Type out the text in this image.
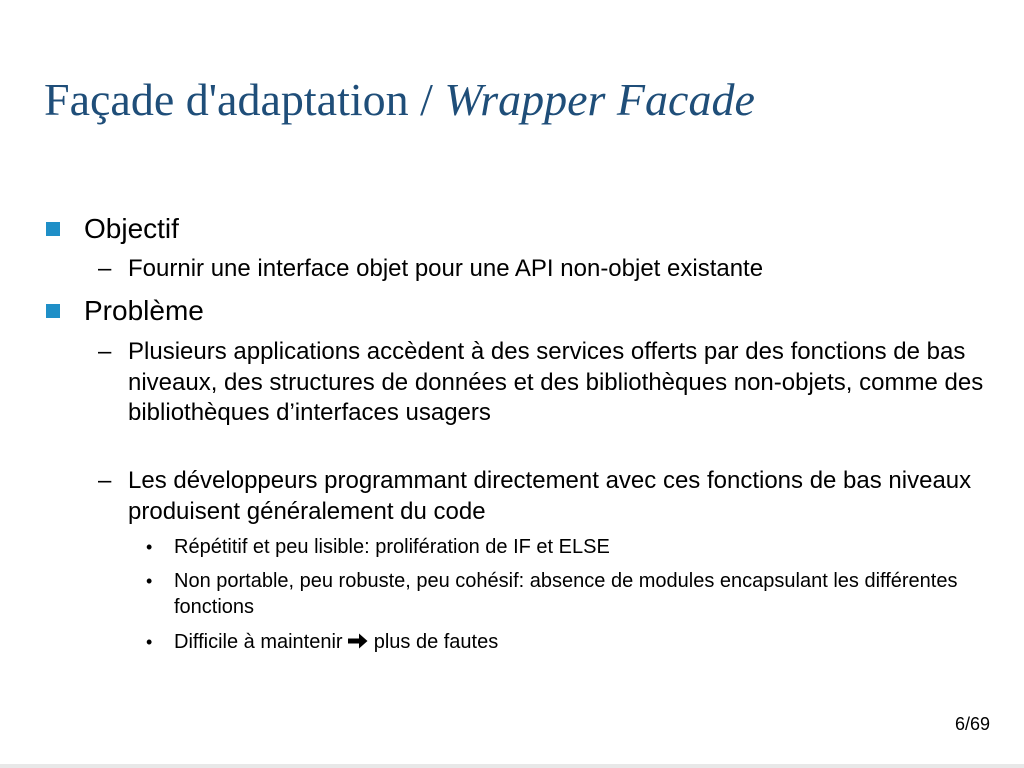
Façade d'adaptation / Wrapper Facade
Objectif
– Fournir une interface objet pour une API non-objet existante
Problème
– Plusieurs applications accèdent à des services offerts par des fonctions de bas niveaux, des structures de données et des bibliothèques non-objets, comme des bibliothèques d’interfaces usagers
– Les développeurs programmant directement avec ces fonctions de bas niveaux produisent généralement du code
• Répétitif et peu lisible: prolifération de IF et ELSE
• Non portable, peu robuste, peu cohésif: absence de modules encapsulant les différentes fonctions
• Difficile à maintenir  plus de fautes
6/69
